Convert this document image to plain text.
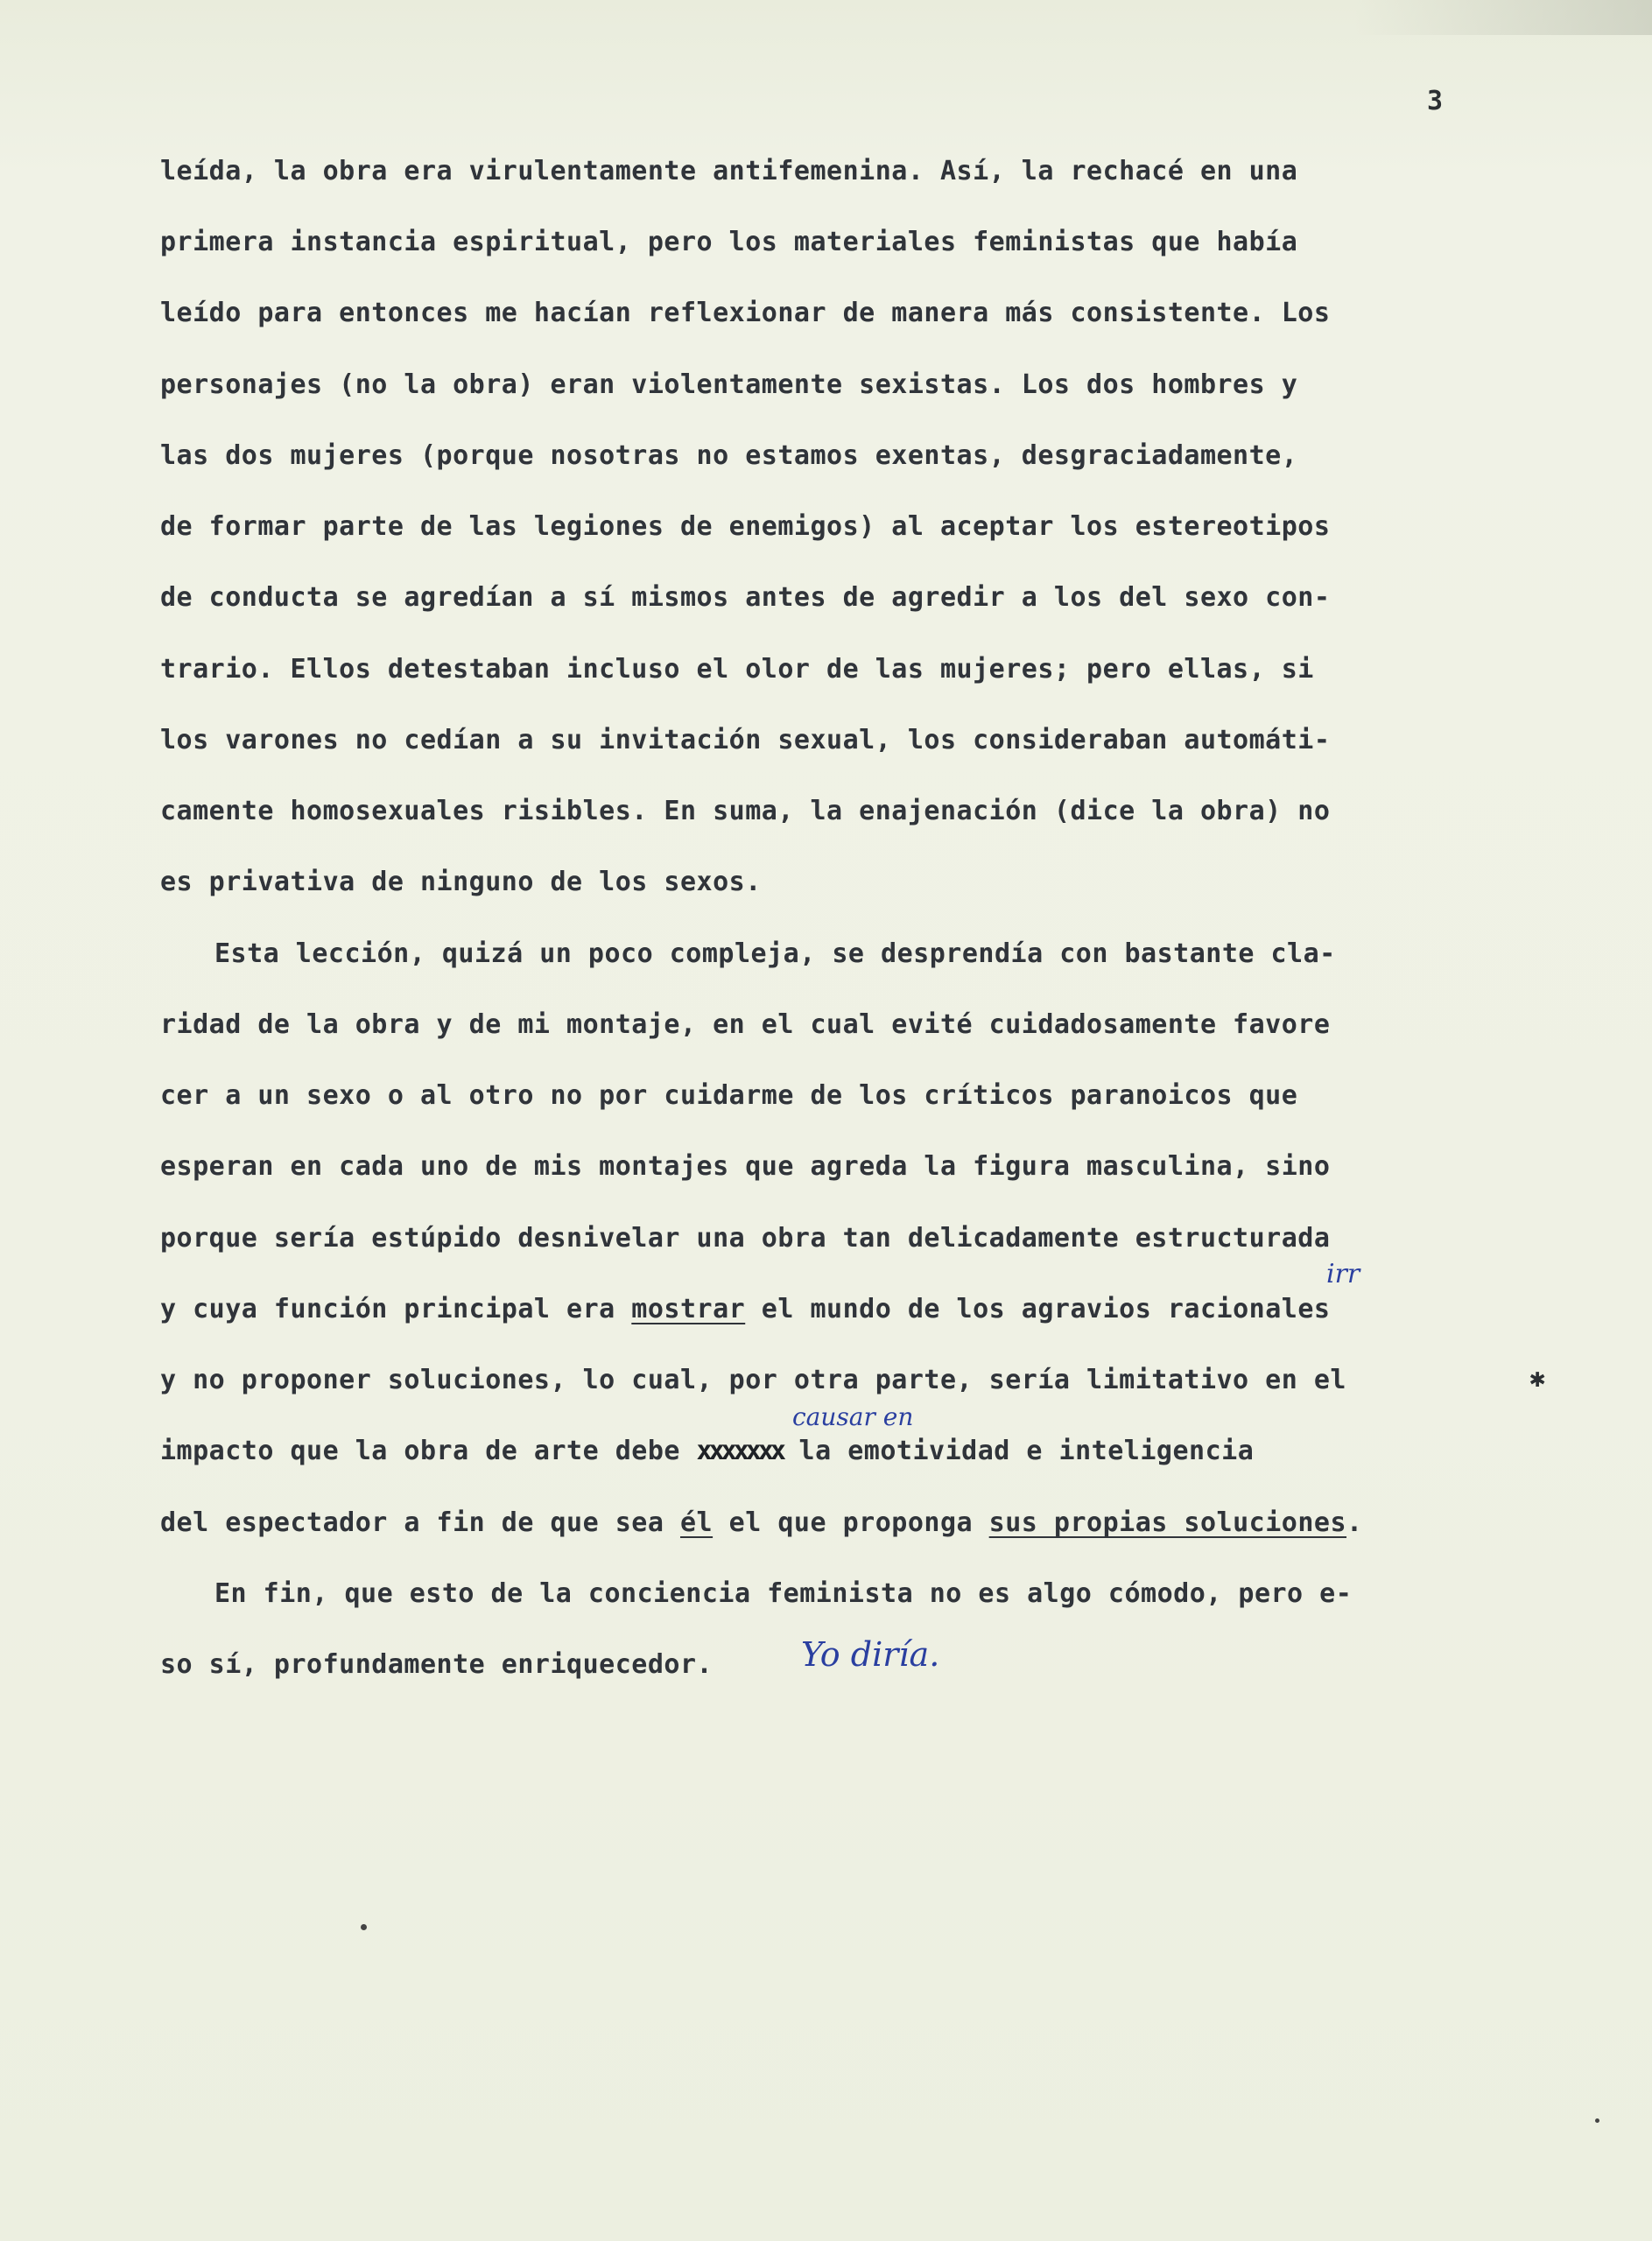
3
leída, la obra era virulentamente antifemenina. Así, la rechacé en una
primera instancia espiritual, pero los materiales feministas que había
leído para entonces me hacían reflexionar de manera más consistente. Los
personajes (no la obra) eran violentamente sexistas. Los dos hombres y
las dos mujeres (porque nosotras no estamos exentas, desgraciadamente,
de formar parte de las legiones de enemigos) al aceptar los estereotipos
de conducta se agredían a sí mismos antes de agredir a los del sexo con-
trario. Ellos detestaban incluso el olor de las mujeres; pero ellas, si
los varones no cedían a su invitación sexual, los consideraban automáti-
camente homosexuales risibles. En suma, la enajenación (dice la obra) no
es privativa de ninguno de los sexos.
Esta lección, quizá un poco compleja, se desprendía con bastante cla-
ridad de la obra y de mi montaje, en el cual evité cuidadosamente favore
cer a un sexo o al otro no por cuidarme de los críticos paranoicos que
esperan en cada uno de mis montajes que agreda la figura masculina, sino
porque sería estúpido desnivelar una obra tan delicadamente estructurada
y cuya función principal era mostrar el mundo de los agravios racionales
irr
y no proponer soluciones, lo cual, por otra parte, sería limitativo en el	✱
causar en
impacto que la obra de arte debe xxxxxxx la emotividad e inteligencia
del espectador a fin de que sea él el que proponga sus propias soluciones.
En fin, que esto de la conciencia feminista no es algo cómodo, pero e-
so sí, profundamente enriquecedor.	Yo diría.
